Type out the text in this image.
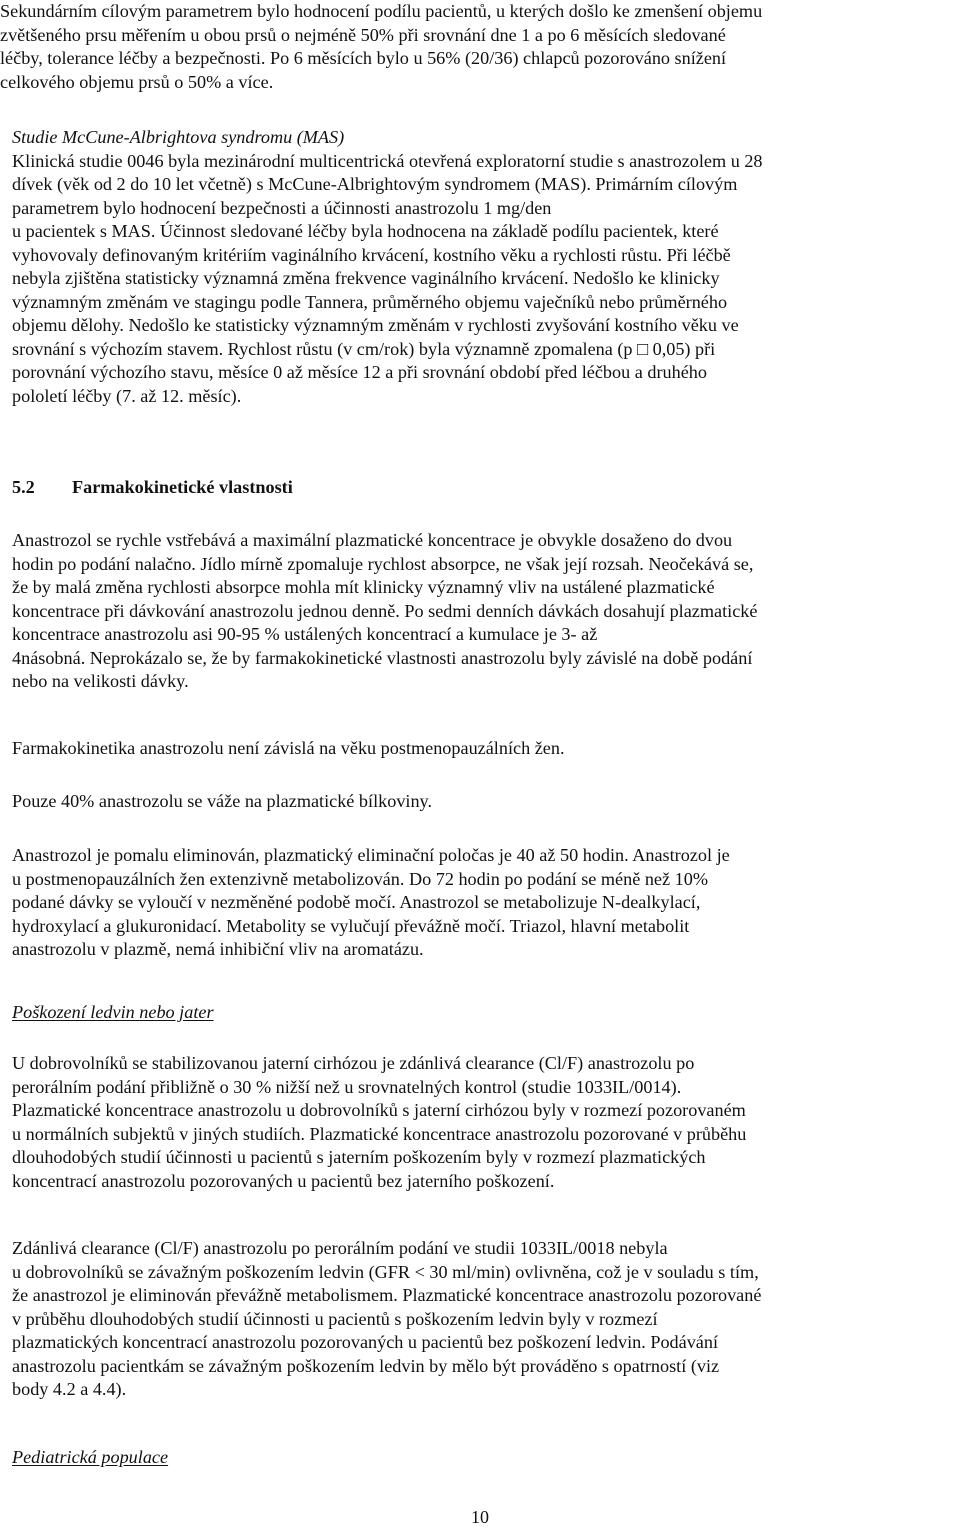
Sekundárním cílovým parametrem bylo hodnocení podílu pacientů, u kterých došlo ke zmenšení objemu
zvětšeného prsu měřením u obou prsů o nejméně 50% při srovnání dne 1 a po 6 měsících sledované
léčby, tolerance léčby a bezpečnosti. Po 6 měsících bylo u 56% (20/36) chlapců pozorováno snížení
celkového objemu prsů o 50% a více.
Studie McCune-Albrightova syndromu (MAS)
Klinická studie 0046 byla mezinárodní multicentrická otevřená exploratorní studie s anastrozolem u 28
dívek (věk od 2 do 10 let včetně) s McCune-Albrightovým syndromem (MAS). Primárním cílovým
parametrem bylo hodnocení bezpečnosti a účinnosti anastrozolu 1 mg/den
u pacientek s MAS. Účinnost sledované léčby byla hodnocena na základě podílu pacientek, které
vyhovovaly definovaným kritériím vaginálního krvácení, kostního věku a rychlosti růstu. Při léčbě
nebyla zjištěna statisticky významná změna frekvence vaginálního krvácení. Nedošlo ke klinicky
významným změnám ve stagingu podle Tannera, průměrného objemu vaječníků nebo průměrného
objemu dělohy. Nedošlo ke statisticky významným změnám v rychlosti zvyšování kostního věku ve
srovnání s výchozím stavem. Rychlost růstu (v cm/rok) byla významně zpomalena (p □ 0,05) při
porovnání výchozího stavu, měsíce 0 až měsíce 12 a při srovnání období před léčbou a druhého
pololetí léčby (7. až 12. měsíc).
5.2 Farmakokinetické vlastnosti
Anastrozol se rychle vstřebává a maximální plazmatické koncentrace je obvykle dosaženo do dvou
hodin po podání nalačno. Jídlo mírně zpomaluje rychlost absorpce, ne však její rozsah. Neočekává se,
že by malá změna rychlosti absorpce mohla mít klinicky významný vliv na ustálené plazmatické
koncentrace při dávkování anastrozolu jednou denně. Po sedmi denních dávkách dosahují plazmatické
koncentrace anastrozolu asi 90-95 % ustálených koncentrací a kumulace je 3- až
4násobná. Neprokázalo se, že by farmakokinetické vlastnosti anastrozolu byly závislé na době podání
nebo na velikosti dávky.
Farmakokinetika anastrozolu není závislá na věku postmenopauzálních žen.
Pouze 40% anastrozolu se váže na plazmatické bílkoviny.
Anastrozol je pomalu eliminován, plazmatický eliminační poločas je 40 až 50 hodin. Anastrozol je
u postmenopauzálních žen extenzivně metabolizován. Do 72 hodin po podání se méně než 10%
podané dávky se vyloučí v nezměněné podobě močí. Anastrozol se metabolizuje N-dealkylací,
hydroxylací a glukuronidací. Metabolity se vylučují převážně močí. Triazol, hlavní metabolit
anastrozolu v plazmě, nemá inhibiční vliv na aromatázu.
Poškození ledvin nebo jater
U dobrovolníků se stabilizovanou jaterní cirhózou je zdánlivá clearance (Cl/F) anastrozolu po
perorálním podání přibližně o 30 % nižší než u srovnatelných kontrol (studie 1033IL/0014).
Plazmatické koncentrace anastrozolu u dobrovolníků s jaterní cirhózou byly v rozmezí pozorovaném
u normálních subjektů v jiných studiích. Plazmatické koncentrace anastrozolu pozorované v průběhu
dlouhodobých studií účinnosti u pacientů s jaterním poškozením byly v rozmezí plazmatických
koncentrací anastrozolu pozorovaných u pacientů bez jaterního poškození.
Zdánlivá clearance (Cl/F) anastrozolu po perorálním podání ve studii 1033IL/0018 nebyla
u dobrovolníků se závažným poškozením ledvin (GFR < 30 ml/min) ovlivněna, což je v souladu s tím,
že anastrozol je eliminován převážně metabolismem. Plazmatické koncentrace anastrozolu pozorované
v průběhu dlouhodobých studií účinnosti u pacientů s poškozením ledvin byly v rozmezí
plazmatických koncentrací anastrozolu pozorovaných u pacientů bez poškození ledvin. Podávání
anastrozolu pacientkám se závažným poškozením ledvin by mělo být prováděno s opatrností (viz
body 4.2 a 4.4).
Pediatrická populace
10
